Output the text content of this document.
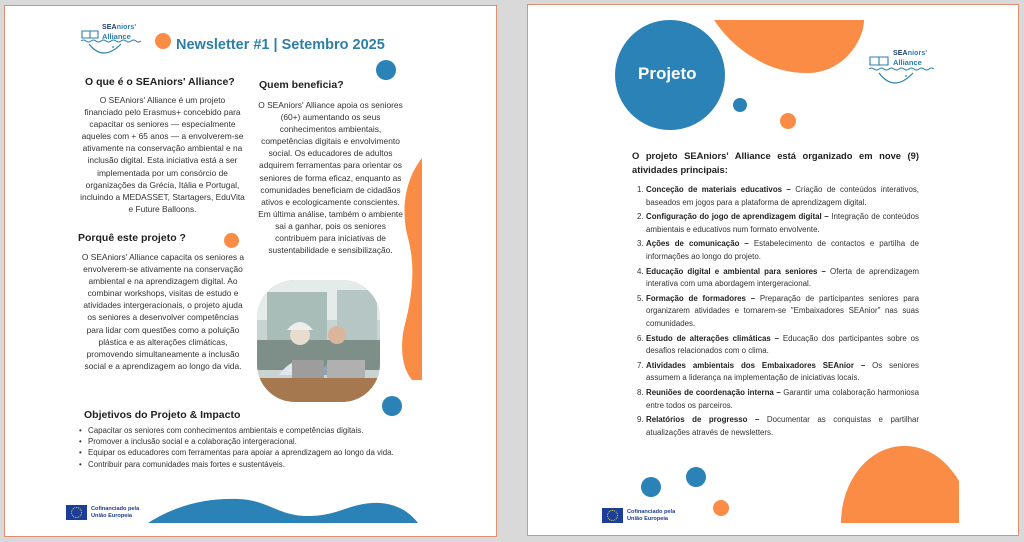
SEAniors'
Alliance
Newsletter #1 | Setembro 2025
O que é o SEAniors' Alliance?

O SEAniors' Alliance é um projeto financiado pelo Erasmus+ concebido para capacitar os seniores — especialmente aqueles com + 65 anos — a envolverem-se ativamente na conservação ambiental e na inclusão digital. Esta iniciativa está a ser implementada por um consórcio de organizações da Grécia, Itália e Portugal, incluindo a MEDASSET, Startagers, EduVita e Future Balloons.

Porquê este projeto ?

O SEAniors' Alliance capacita os seniores a envolverem-se ativamente na conservação ambiental e na aprendizagem digital. Ao combinar workshops, visitas de estudo e atividades intergeracionais, o projeto ajuda os seniores a desenvolver competências para lidar com questões como a poluição plástica e as alterações climáticas, promovendo simultaneamente a inclusão social e a aprendizagem ao longo da vida.

Quem beneficia?

O SEAniors' Alliance apoia os seniores (60+) aumentando os seus conhecimentos ambientais, competências digitais e envolvimento social. Os educadores de adultos adquirem ferramentas para orientar os seniores de forma eficaz, enquanto as comunidades beneficiam de cidadãos ativos e ecologicamente conscientes. Em última análise, também o ambiente sai a ganhar, pois os seniores contribuem para iniciativas de sustentabilidade e sensibilização.

Objetivos do Projeto & Impacto
• Capacitar os seniores com conhecimentos ambientais e competências digitais.
• Promover a inclusão social e a colaboração intergeracional.
• Equipar os educadores com ferramentas para apoiar a aprendizagem ao longo da vida.
• Contribuir para comunidades mais fortes e sustentáveis.
Cofinanciado pela
União Europeia
Projeto
SEAniors'
Alliance
O projeto SEAniors' Alliance está organizado em nove (9) atividades principais:
1. Conceção de materiais educativos – Criação de conteúdos interativos, baseados em jogos para a plataforma de aprendizagem digital.
2. Configuração do jogo de aprendizagem digital – Integração de conteúdos ambientais e educativos num formato envolvente.
3. Ações de comunicação – Estabelecimento de contactos e partilha de informações ao longo do projeto.
4. Educação digital e ambiental para seniores – Oferta de aprendizagem interativa com uma abordagem intergeracional.
5. Formação de formadores – Preparação de participantes seniores para organizarem atividades e tornarem-se "Embaixadores SEAnior" nas suas comunidades.
6. Estudo de alterações climáticas – Educação dos participantes sobre os desafios relacionados com o clima.
7. Atividades ambientais dos Embaixadores SEAnior – Os seniores assumem a liderança na implementação de iniciativas locais.
8. Reuniões de coordenação interna – Garantir uma colaboração harmoniosa entre todos os parceiros.
9. Relatórios de progresso – Documentar as conquistas e partilhar atualizações através de newsletters.
Cofinanciado pela
União Europeia
